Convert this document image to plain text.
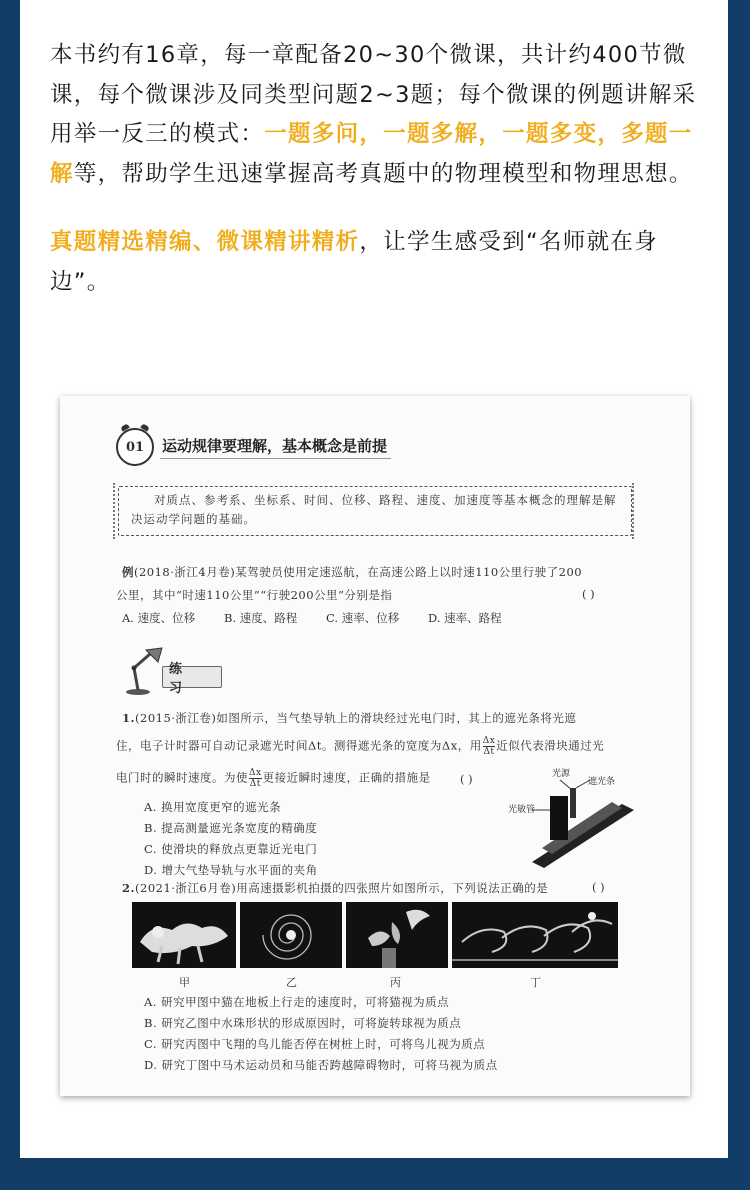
本书约有16章，每一章配备20~30个微课，共计约400节微课，每个微课涉及同类型问题2~3题；每个微课的例题讲解采用举一反三的模式：一题多问，一题多解，一题多变，多题一解等，帮助学生迅速掌握高考真题中的物理模型和物理思想。

真题精选精编、微课精讲精析，让学生感受到“名师就在身边”。

01 运动规律要理解，基本概念是前提
对质点、参考系、坐标系、时间、位移、路程、速度、加速度等基本概念的理解是解决运动学问题的基础。
例(2018·浙江4月卷)某驾驶员使用定速巡航，在高速公路上以时速110公里行驶了200
公里，其中“时速110公里”“行驶200公里”分别是指	( )
A. 速度、位移	B. 速度、路程	C. 速率、位移	D. 速率、路程
练 习
1.(2015·浙江卷)如图所示，当气垫导轨上的滑块经过光电门时，其上的遮光条将光遮
住，电子计时器可自动记录遮光时间Δt。测得遮光条的宽度为Δx，用 $\frac{\Delta x}{\Delta t}$ 近似代表滑块通过光
电门时的瞬时速度。为使 $\frac{\Delta x}{\Delta t}$ 更接近瞬时速度，正确的措施是	( )
A. 换用宽度更窄的遮光条
B. 提高测量遮光条宽度的精确度
C. 使滑块的释放点更靠近光电门
D. 增大气垫导轨与水平面的夹角
光源
遮光条
光敏管
2.(2021·浙江6月卷)用高速摄影机拍摄的四张照片如图所示，下列说法正确的是	( )
甲	乙	丙	丁
A. 研究甲图中猫在地板上行走的速度时，可将猫视为质点
B. 研究乙图中水珠形状的形成原因时，可将旋转球视为质点
C. 研究丙图中飞翔的鸟儿能否停在树桩上时，可将鸟儿视为质点
D. 研究丁图中马术运动员和马能否跨越障碍物时，可将马视为质点
